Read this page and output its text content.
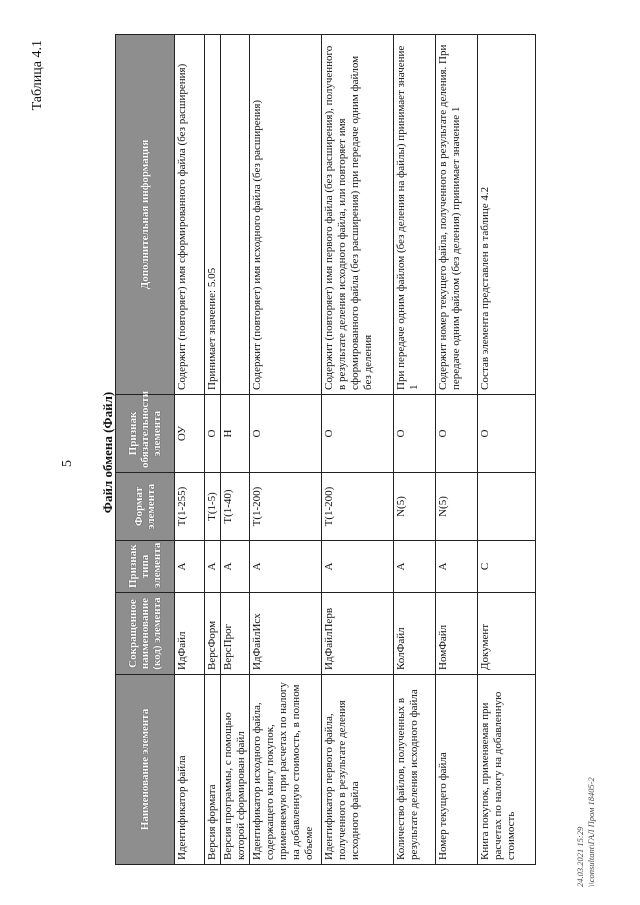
Таблица 4.1
5 Файл обмена (Файл)
Наименование элемента	Сокращенное наименование (код) элемента	Признак типа элемента	Формат элемента	Признак обязательности элемента	Дополнительная информация
Идентификатор файла	ИдФайл	А	T(1-255)	ОУ	Содержит (повторяет) имя сформированного файла (без расширения)
Версия формата	ВерсФорм	А	T(1-5)	О	Принимает значение: 5.05
Версия программы, с помощью которой сформирован файл	ВерсПрог	А	T(1-40)	Н	
Идентификатор исходного файла, содержащего книгу покупок, применяемую при расчетах по налогу на добавленную стоимость, в полном объеме	ИдФайлИсх	А	T(1-200)	О	Содержит (повторяет) имя исходного файла (без расширения)
Идентификатор первого файла, полученного в результате деления исходного файла	ИдФайлПерв	А	T(1-200)	О	Содержит (повторяет) имя первого файла (без расширения), полученного в результате деления исходного файла, или повторяет имя сформированного файла (без расширения) при передаче одним файлом без деления
Количество файлов, полученных в результате деления исходного файла	КолФайл	А	N(5)	О	При передаче одним файлом (без деления на файлы) принимает значение 1
Номер текущего файла	НомФайл	А	N(5)	О	Содержит номер текущего файла, полученного в результате деления. При передаче одним файлом (без деления) принимает значение 1
Книга покупок, применяемая при расчетах по налогу на добавленную стоимость	Документ	С		О	Состав элемента представлен в таблице 4.2
24.03.2021 15:29 \\consultant\ГАЛ Пром 18405-2
